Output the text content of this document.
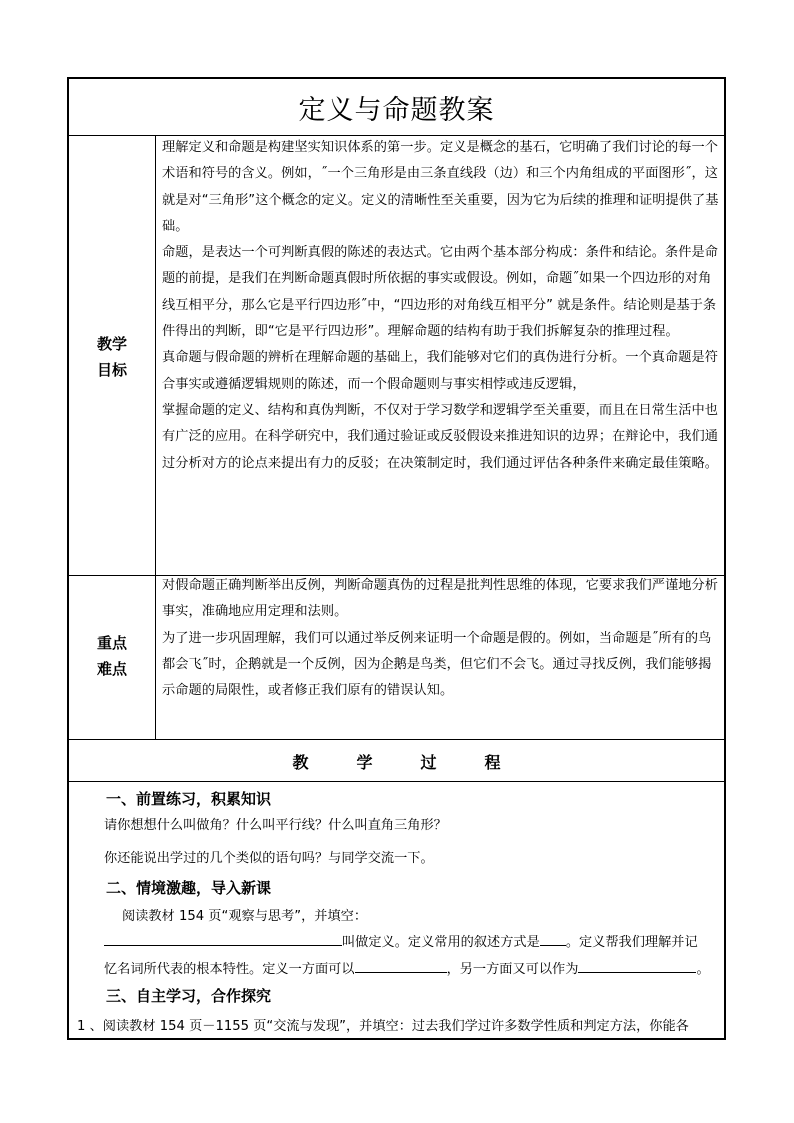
定义与命题教案
教学
目标

理解定义和命题是构建坚实知识体系的第一步。定义是概念的基石，它明确了我们讨论的每一个术语和符号的含义。例如，˝一个三角形是由三条直线段（边）和三个内角组成的平面图形˝，这就是对“三角形”这个概念的定义。定义的清晰性至关重要，因为它为后续的推理和证明提供了基础。

命题，是表达一个可判断真假的陈述的表达式。它由两个基本部分构成：条件和结论。条件是命题的前提，是我们在判断命题真假时所依据的事实或假设。例如，命题˝如果一个四边形的对角线互相平分，那么它是平行四边形˝中，“四边形的对角线互相平分” 就是条件。结论则是基于条件得出的判断，即“它是平行四边形”。理解命题的结构有助于我们拆解复杂的推理过程。

真命题与假命题的辨析在理解命题的基础上，我们能够对它们的真伪进行分析。一个真命题是符合事实或遵循逻辑规则的陈述，而一个假命题则与事实相悖或违反逻辑，

掌握命题的定义、结构和真伪判断，不仅对于学习数学和逻辑学至关重要，而且在日常生活中也有广泛的应用。在科学研究中，我们通过验证或反驳假设来推进知识的边界；在辩论中，我们通过分析对方的论点来提出有力的反驳；在决策制定时，我们通过评估各种条件来确定最佳策略。

重点
难点

对假命题正确判断举出反例，判断命题真伪的过程是批判性思维的体现，它要求我们严谨地分析事实，准确地应用定理和法则。

为了进一步巩固理解，我们可以通过举反例来证明一个命题是假的。例如，当命题是˝所有的鸟都会飞˝时，企鹅就是一个反例，因为企鹅是鸟类，但它们不会飞。通过寻找反例，我们能够揭示命题的局限性，或者修正我们原有的错误认知。

教学过程
一、前置练习，积累知识
请你想想什么叫做角？什么叫平行线？什么叫直角三角形？
你还能说出学过的几个类似的语句吗？与同学交流一下。
二、情境激趣，导入新课
阅读教材 154 页“观察与思考”，并填空：
叫做定义。定义常用的叙述方式是 。定义帮我们理解并记
忆名词所代表的根本特性。定义一方面可以	，另一方面又可以作为	。
三、自主学习，合作探究
1 、阅读教材 154 页－1155 页“交流与发现”，并填空：过去我们学过许多数学性质和判定方法，你能各
